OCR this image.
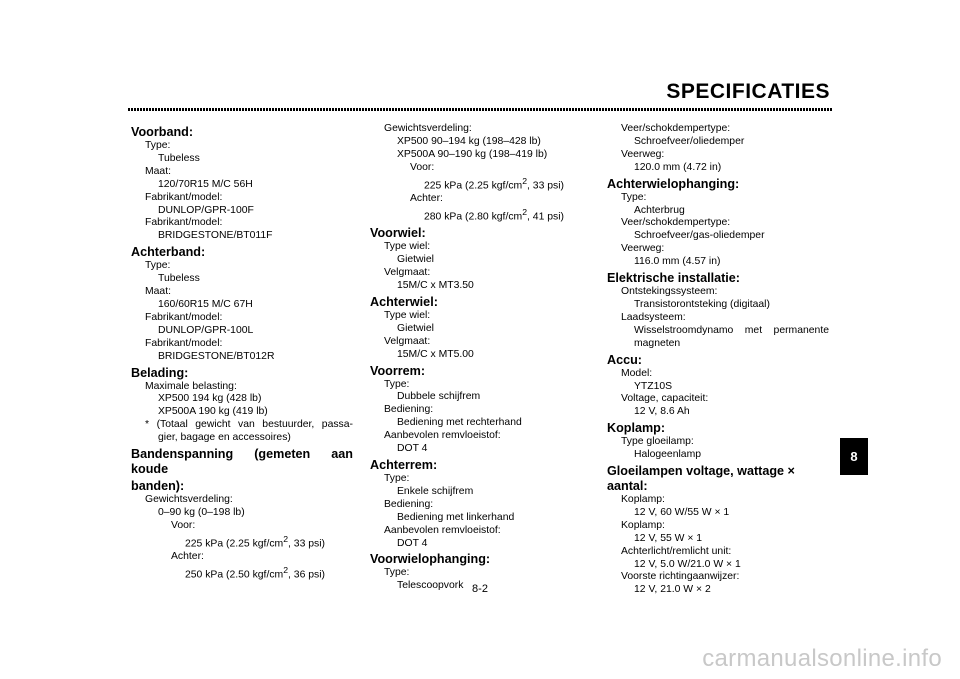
SPECIFICATIES
Voorband:
Type:
Tubeless
Maat:
120/70R15 M/C 56H
Fabrikant/model:
DUNLOP/GPR-100F
Fabrikant/model:
BRIDGESTONE/BT011F
Achterband:
Type:
Tubeless
Maat:
160/60R15 M/C 67H
Fabrikant/model:
DUNLOP/GPR-100L
Fabrikant/model:
BRIDGESTONE/BT012R
Belading:
Maximale belasting:
XP500 194 kg (428 lb)
XP500A 190 kg (419 lb)
* (Totaal gewicht van bestuurder, passa-
gier, bagage en accessoires)
Bandenspanning (gemeten aan koude
banden):
Gewichtsverdeling:
0–90 kg (0–198 lb)
Voor:
225 kPa (2.25 kgf/$cm^2$, 33 psi)
Achter:
250 kPa (2.50 kgf/$cm^2$, 36 psi)
Gewichtsverdeling:
XP500 90–194 kg (198–428 lb)
XP500A 90–190 kg (198–419 lb)
Voor:
225 kPa (2.25 kgf/$cm^2$, 33 psi)
Achter:
280 kPa (2.80 kgf/$cm^2$, 41 psi)
Voorwiel:
Type wiel:
Gietwiel
Velgmaat:
15M/C x MT3.50
Achterwiel:
Type wiel:
Gietwiel
Velgmaat:
15M/C x MT5.00
Voorrem:
Type:
Dubbele schijfrem
Bediening:
Bediening met rechterhand
Aanbevolen remvloeistof:
DOT 4
Achterrem:
Type:
Enkele schijfrem
Bediening:
Bediening met linkerhand
Aanbevolen remvloeistof:
DOT 4
Voorwielophanging:
Type:
Telescoopvork
Veer/schokdempertype:
Schroefveer/oliedemper
Veerweg:
120.0 mm (4.72 in)
Achterwielophanging:
Type:
Achterbrug
Veer/schokdempertype:
Schroefveer/gas-oliedemper
Veerweg:
116.0 mm (4.57 in)
Elektrische installatie:
Ontstekingssysteem:
Transistorontsteking (digitaal)
Laadsysteem:
Wisselstroomdynamo met permanente
magneten
Accu:
Model:
YTZ10S
Voltage, capaciteit:
12 V, 8.6 Ah
Koplamp:
Type gloeilamp:
Halogeenlamp
Gloeilampen voltage, wattage × aantal:
Koplamp:
12 V, 60 W/55 W × 1
Koplamp:
12 V, 55 W × 1
Achterlicht/remlicht unit:
12 V, 5.0 W/21.0 W × 1
Voorste richtingaanwijzer:
12 V, 21.0 W × 2
8-2
8
carmanualsonline.info
